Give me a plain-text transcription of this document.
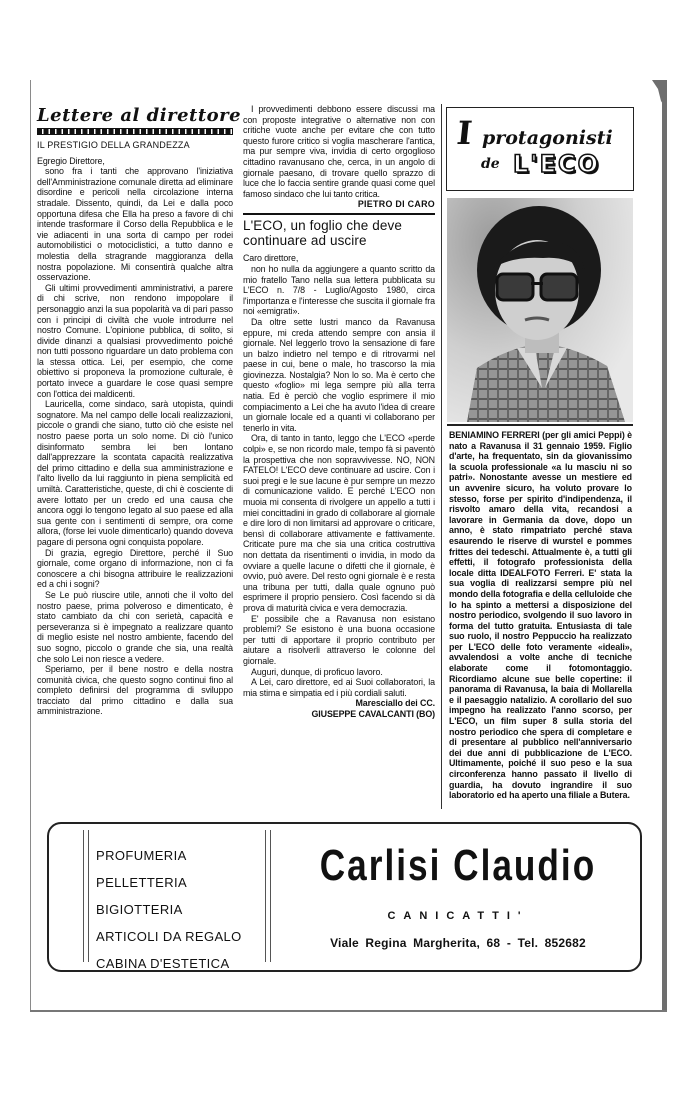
Lettere al direttore
IL PRESTIGIO DELLA GRANDEZZA

Egregio Direttore,

sono fra i tanti che approvano l'iniziativa dell'Amministrazione comunale diretta ad eliminare disordine e pericoli nella circolazione interna stradale. Dissento, quindi, da Lei e dalla poco opportuna difesa che Ella ha preso a favore di chi intende trasformare il Corso della Repubblica e le vie adiacenti in una sorta di campo per rodei automobilistici o motociclistici, a tutto danno e molestia della stragrande maggioranza della nostra popolazione. Mi consentirà qualche altra osservazione.

Gli ultimi provvedimenti amministrativi, a parere di chi scrive, non rendono impopolare il personaggio anzi la sua popolarità va di pari passo con i principi di civiltà che vuole introdurre nel nostro Comune. L'opinione pubblica, di solito, si divide dinanzi a qualsiasi provvedimento poiché non tutti possono riguardare un dato problema con la stessa ottica. Lei, per esempio, che come obiettivo si proponeva la promozione culturale, è portato invece a guardare le cose quasi sempre con l'ottica dei maldicenti.

Lauricella, come sindaco, sarà utopista, quindi sognatore. Ma nel campo delle locali realizzazioni, piccole o grandi che siano, tutto ciò che esiste nel nostro paese porta un solo nome. Di ciò l'unico disinformato sembra lei ben lontano dall'apprezzare la scontata capacità realizzativa del primo cittadino e della sua amministrazione e l'alto livello da lui raggiunto in piena semplicità ed umiltà. Caratteristiche, queste, di chi è cosciente di avere lottato per un credo ed una causa che ancora oggi lo tengono legato al suo paese ed alla sua gente con i sentimenti di sempre, ora come allora, (forse lei vuole dimenticarlo) quando doveva pagare di persona ogni conquista popolare.

Di grazia, egregio Direttore, perché il Suo giornale, come organo di informazione, non ci fa conoscere a chi bisogna attribuire le realizzazioni ed a chi i sogni?

Se Le può riuscire utile, annoti che il volto del nostro paese, prima polveroso e dimenticato, è stato cambiato da chi con serietà, capacità e perseveranza si è impegnato a realizzare quanto di meglio esiste nel nostro ambiente, facendo del suo sogno, piccolo o grande che sia, una realtà che solo Lei non riesce a vedere.

Speriamo, per il bene nostro e della nostra comunità civica, che questo sogno continui fino al completo definirsi del programma di sviluppo tracciato dal primo cittadino e dalla sua amministrazione.

I provvedimenti debbono essere discussi ma con proposte integrative o alternative non con critiche vuote anche per evitare che con tutto questo furore critico si voglia mascherare l'antica, ma pur sempre viva, invidia di certo orgoglioso cittadino ravanusano che, cerca, in un angolo di giornale paesano, di trovare quello sprazzo di luce che lo faccia sentire grande quasi come quel famoso sindaco che lui tanto critica.

PIETRO DI CARO
L'ECO, un foglio che deve continuare ad uscire

Caro direttore,

non ho nulla da aggiungere a quanto scritto da mio fratello Tano nella sua lettera pubblicata su L'ECO n. 7/8 - Luglio/Agosto 1980, circa l'importanza e l'interesse che suscita il giornale fra noi «emigrati».

Da oltre sette lustri manco da Ravanusa eppure, mi creda attendo sempre con ansia il giornale. Nel leggerlo trovo la sensazione di fare un balzo indietro nel tempo e di ritrovarmi nel paese in cui, bene o male, ho trascorso la mia giovinezza. Nostalgia? Non lo so. Ma è certo che questo «foglio» mi lega sempre più alla terra natia. Ed è perciò che voglio esprimere il mio compiacimento a Lei che ha avuto l'idea di creare un giornale locale ed a quanti vi collaborano per tenerlo in vita.

Ora, di tanto in tanto, leggo che L'ECO «perde colpi» e, se non ricordo male, tempo fà si paventò la prospettiva che non sopravvivesse. NO, NON FATELO! L'ECO deve continuare ad uscire. Con i suoi pregi e le sue lacune è pur sempre un mezzo di comunicazione valido. E perché L'ECO non muoia mi consenta di rivolgere un appello a tutti i miei concittadini in grado di collaborare al giornale e dire loro di non limitarsi ad approvare o criticare, bensì di collaborare attivamente e fattivamente. Criticate pure ma che sia una critica costruttiva non dettata da risentimenti o invidia, in modo da ovviare a quelle lacune o difetti che il giornale, è ovvio, può avere. Del resto ogni giornale è e resta una tribuna per tutti, dalla quale ognuno può esprimere il proprio pensiero. Così facendo si dà prova di maturità civica e vera democrazia.

E' possibile che a Ravanusa non esistano problemi? Se esistono è una buona occasione per tutti di apportare il proprio contributo per aiutare a risolverli attraverso le colonne del giornale.

Auguri, dunque, di proficuo lavoro.

A Lei, caro direttore, ed ai Suoi collaboratori, la mia stima e simpatia ed i più cordiali saluti.

Maresciallo dei CC.
GIUSEPPE CAVALCANTI (BO)
Iprotagonisti
de L'ECO

BENIAMINO FERRERI (per gli amici Peppi) è nato a Ravanusa il 31 gennaio 1959. Figlio d'arte, ha frequentato, sin da giovanissimo la scuola professionale «a lu masciu ni so patri». Nonostante avesse un mestiere ed un avvenire sicuro, ha voluto provare lo stesso, forse per spirito d'indipendenza, il risvolto amaro della vita, recandosi a lavorare in Germania da dove, dopo un anno, è stato rimpatriato perché stava esaurendo le riserve di wurstel e pommes frittes dei tedeschi. Attualmente è, a tutti gli effetti, il fotografo professionista della locale ditta IDEALFOTO Ferreri. E' stata la sua voglia di realizzarsi sempre più nel mondo della fotografia e della celluloide che lo ha spinto a mettersi a disposizione del nostro periodico, svolgendo il suo lavoro in forma del tutto gratuita. Entusiasta di tale suo ruolo, il nostro Peppuccio ha realizzato per L'ECO delle foto veramente «ideali», avvalendosi a volte anche di tecniche elaborate come il fotomontaggio. Ricordiamo alcune sue belle copertine: il panorama di Ravanusa, la baia di Mollarella e il paesaggio natalizio. A corollario del suo impegno ha realizzato l'anno scorso, per L'ECO, un film super 8 sulla storia del nostro periodico che spera di completare e di presentare al pubblico nell'anniversario dei due anni di pubblicazione de L'ECO. Ultimamente, poiché il suo peso e la sua circonferenza hanno passato il livello di guardia, ha dovuto ingrandire il suo laboratorio ed ha aperto una filiale a Butera.

PROFUMERIA
PELLETTERIA
BIGIOTTERIA
ARTICOLI DA REGALO
CABINA D'ESTETICA
Carlisi Claudio
CANICATTI'
Viale Regina Margherita, 68 - Tel. 852682
